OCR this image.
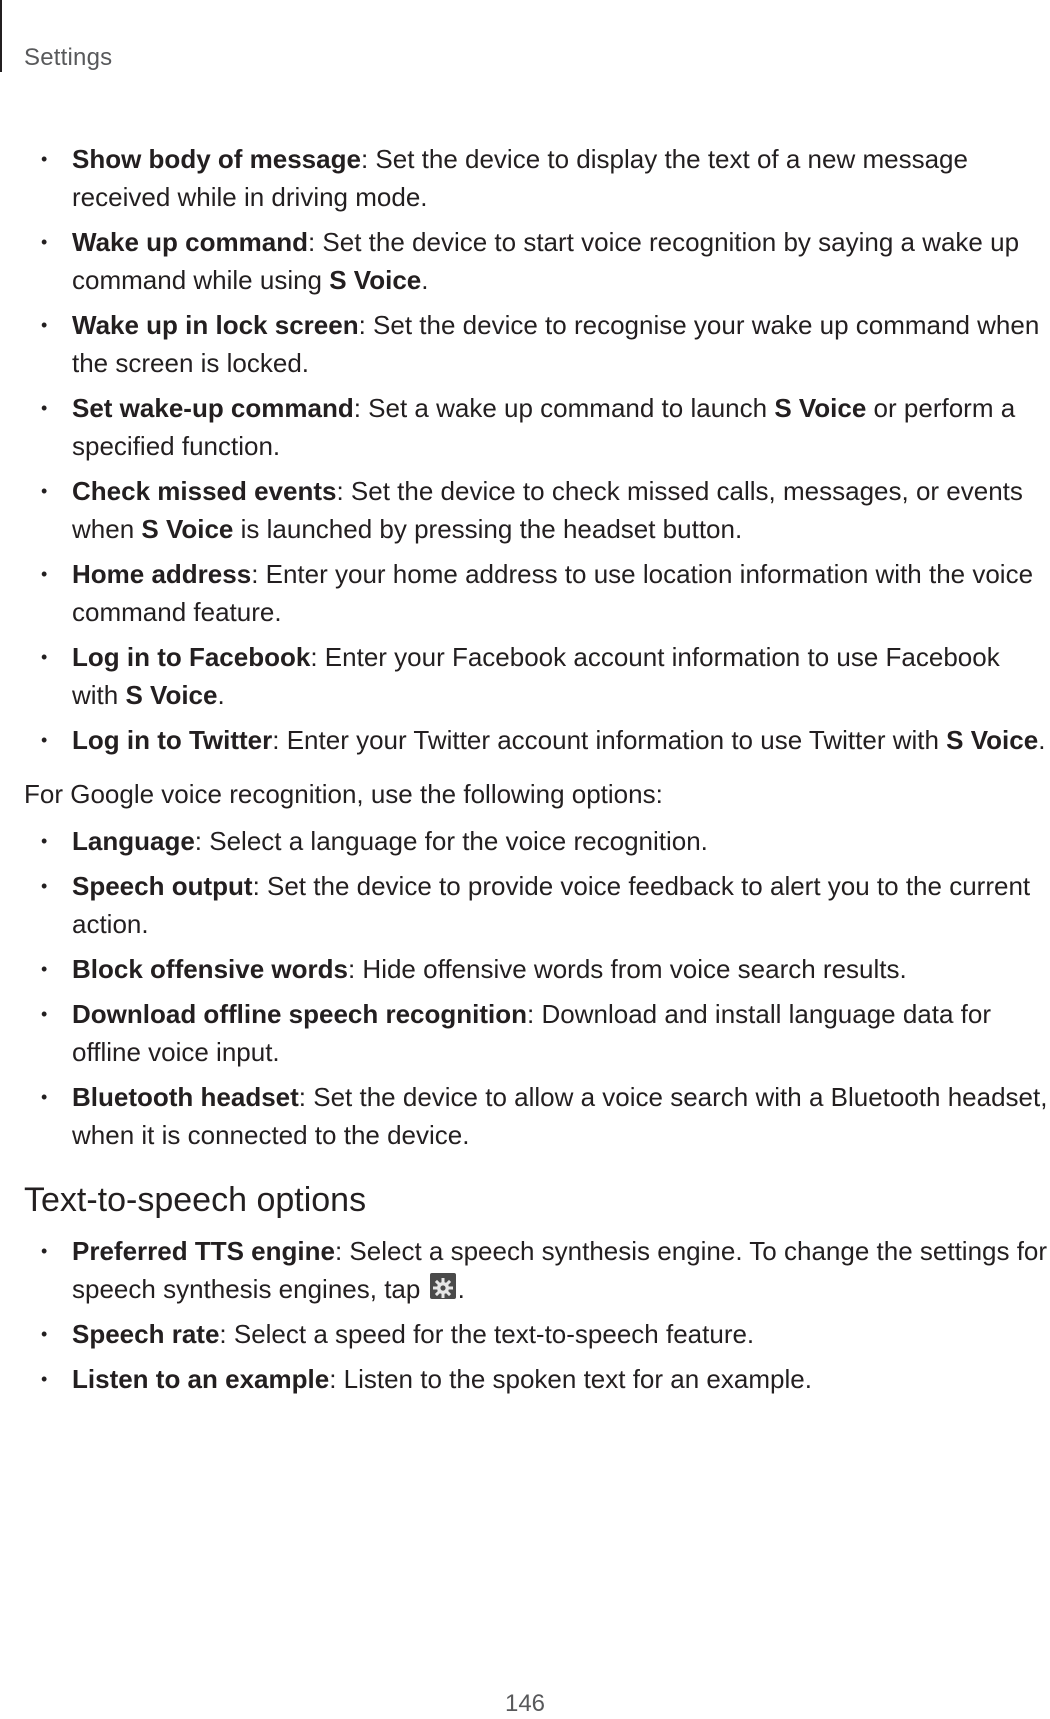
Settings
• Show body of message: Set the device to display the text of a new message received while in driving mode.
• Wake up command: Set the device to start voice recognition by saying a wake up command while using S Voice.
• Wake up in lock screen: Set the device to recognise your wake up command when the screen is locked.
• Set wake-up command: Set a wake up command to launch S Voice or perform a specified function.
• Check missed events: Set the device to check missed calls, messages, or events when S Voice is launched by pressing the headset button.
• Home address: Enter your home address to use location information with the voice command feature.
• Log in to Facebook: Enter your Facebook account information to use Facebook with S Voice.
• Log in to Twitter: Enter your Twitter account information to use Twitter with S Voice.

For Google voice recognition, use the following options:

• Language: Select a language for the voice recognition.
• Speech output: Set the device to provide voice feedback to alert you to the current action.
• Block offensive words: Hide offensive words from voice search results.
• Download offline speech recognition: Download and install language data for offline voice input.
• Bluetooth headset: Set the device to allow a voice search with a Bluetooth headset, when it is connected to the device.
Text-to-speech options
• Preferred TTS engine: Select a speech synthesis engine. To change the settings for speech synthesis engines, tap .
• Speech rate: Select a speed for the text-to-speech feature.
• Listen to an example: Listen to the spoken text for an example.
146
